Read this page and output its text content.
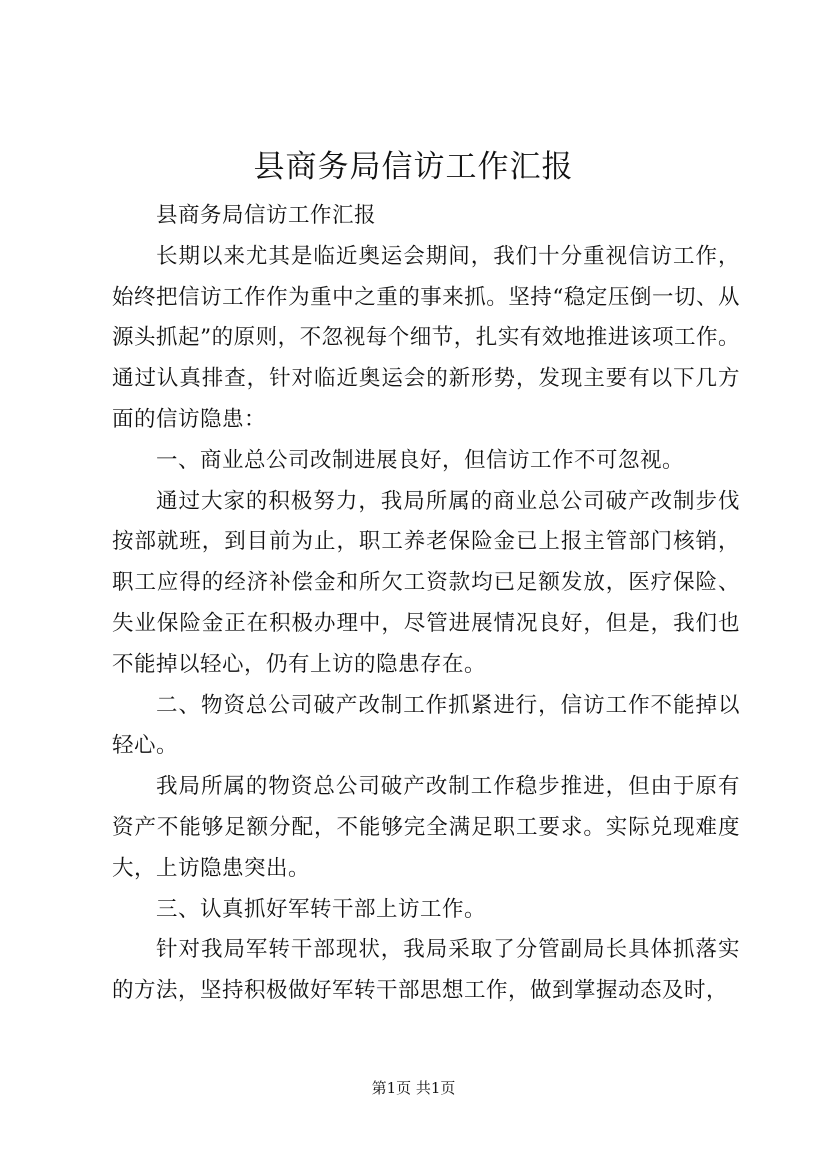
县商务局信访工作汇报

县商务局信访工作汇报

长期以来尤其是临近奥运会期间，我们十分重视信访工作，始终把信访工作作为重中之重的事来抓。坚持“稳定压倒一切、从源头抓起”的原则，不忽视每个细节，扎实有效地推进该项工作。通过认真排查，针对临近奥运会的新形势，发现主要有以下几方面的信访隐患：

一、商业总公司改制进展良好，但信访工作不可忽视。

通过大家的积极努力，我局所属的商业总公司破产改制步伐按部就班，到目前为止，职工养老保险金已上报主管部门核销，职工应得的经济补偿金和所欠工资款均已足额发放，医疗保险、失业保险金正在积极办理中，尽管进展情况良好，但是，我们也不能掉以轻心，仍有上访的隐患存在。

二、物资总公司破产改制工作抓紧进行，信访工作不能掉以轻心。

我局所属的物资总公司破产改制工作稳步推进，但由于原有资产不能够足额分配，不能够完全满足职工要求。实际兑现难度大，上访隐患突出。

三、认真抓好军转干部上访工作。

针对我局军转干部现状，我局采取了分管副局长具体抓落实的方法，坚持积极做好军转干部思想工作，做到掌握动态及时，

第1页 共1页
